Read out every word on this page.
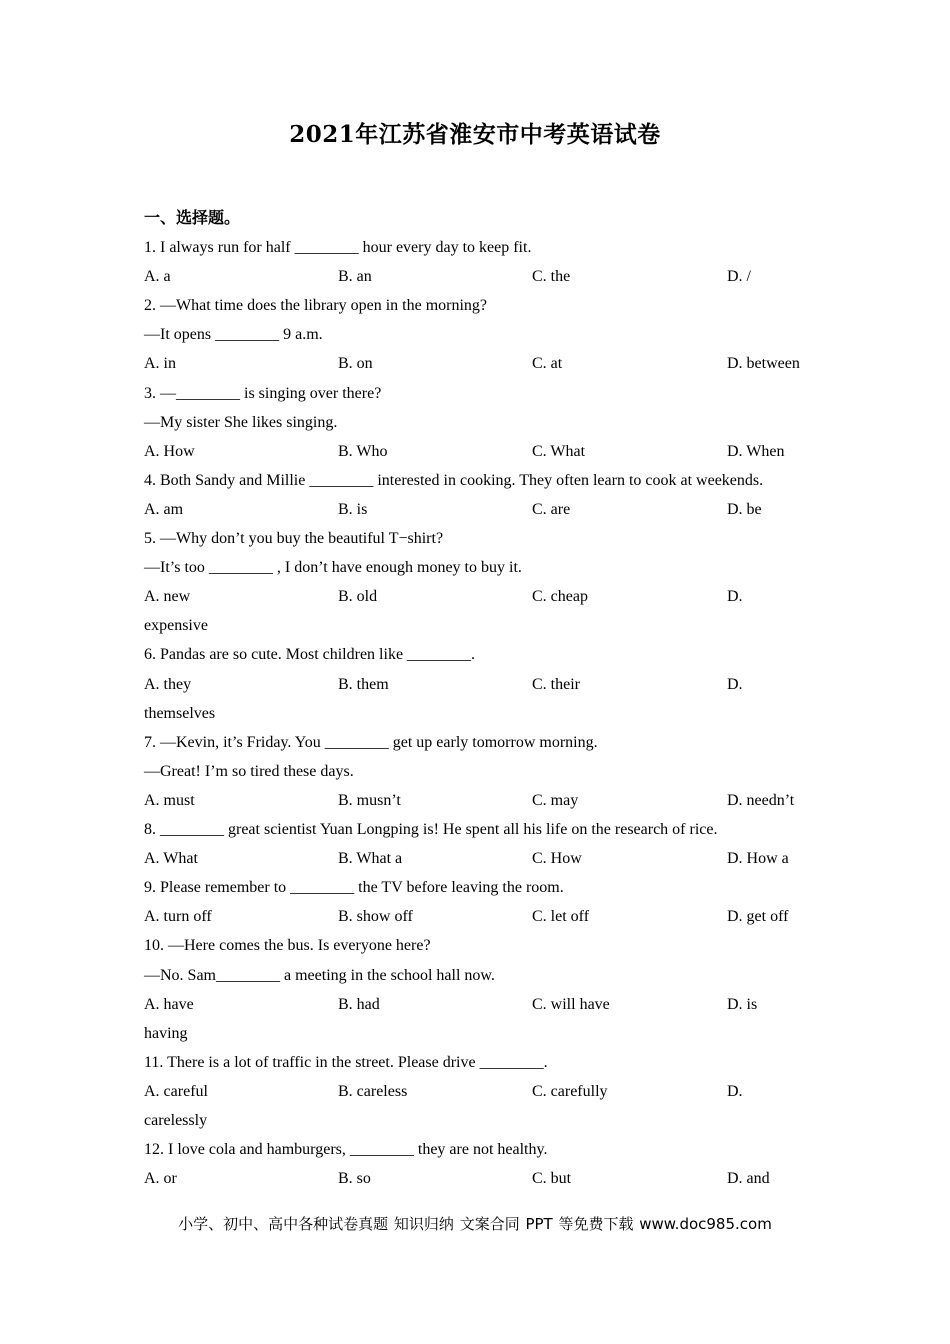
2021年江苏省淮安市中考英语试卷
一、选择题。
1. I always run for half ________ hour every day to keep fit.
A. a	B. an	C. the	D. /
2. —What time does the library open in the morning?
—It opens ________ 9 a.m.
A. in	B. on	C. at	D. between
3. —________ is singing over there?
—My sister She likes singing.
A. How	B. Who	C. What	D. When
4. Both Sandy and Millie ________ interested in cooking. They often learn to cook at weekends.
A. am	B. is	C. are	D. be
5. —Why don’t you buy the beautiful T−shirt?
—It’s too ________ , I don’t have enough money to buy it.
A. new	B. old	C. cheap	D.
expensive
6. Pandas are so cute. Most children like ________.
A. they	B. them	C. their	D.
themselves
7. —Kevin, it’s Friday. You ________ get up early tomorrow morning.
—Great! I’m so tired these days.
A. must	B. musn’t	C. may	D. needn’t
8. ________ great scientist Yuan Longping is! He spent all his life on the research of rice.
A. What	B. What a	C. How	D. How a
9. Please remember to ________ the TV before leaving the room.
A. turn off	B. show off	C. let off	D. get off
10. —Here comes the bus. Is everyone here?
—No. Sam________ a meeting in the school hall now.
A. have	B. had	C. will have	D. is
having
11. There is a lot of traffic in the street. Please drive ________.
A. careful	B. careless	C. carefully	D.
carelessly
12. I love cola and hamburgers, ________ they are not healthy.
A. or	B. so	C. but	D. and
小学、初中、高中各种试卷真题 知识归纳 文案合同 PPT 等免费下载 www.doc985.com
